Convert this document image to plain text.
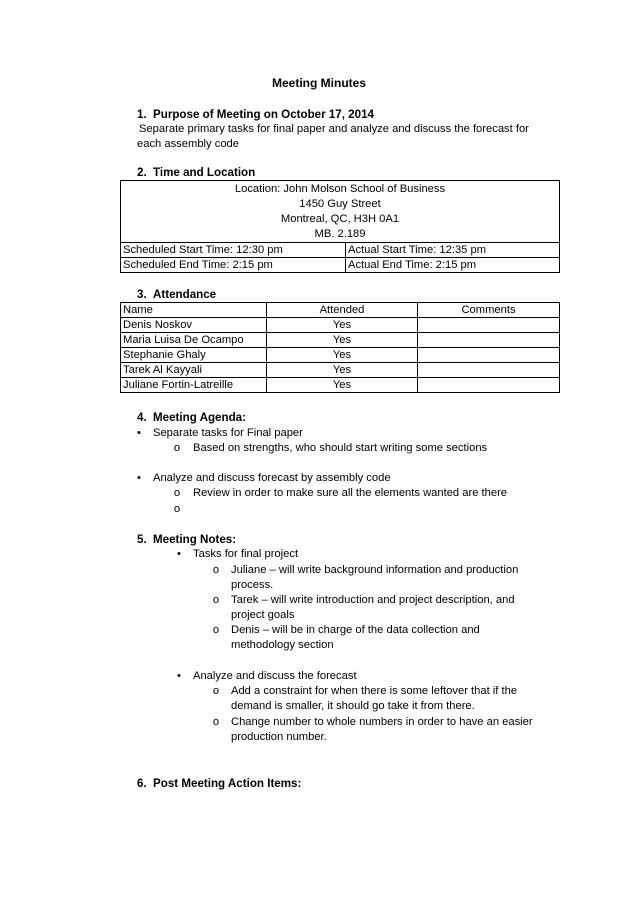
Meeting Minutes
1. Purpose of Meeting on October 17, 2014
Separate primary tasks for final paper and analyze and discuss the forecast for
each assembly code
2. Time and Location
Location: John Molson School of Business
1450 Guy Street
Montreal, QC, H3H 0A1
MB. 2.189	

Scheduled Start Time: 12:30 pm	Actual Start Time: 12:35 pm
Scheduled End Time: 2:15 pm	Actual End Time: 2:15 pm
3. Attendance
Name	Attended	Comments
Denis Noskov	Yes	
Maria Luisa De Ocampo	Yes	
Stephanie Ghaly	Yes	
Tarek Al Kayyali	Yes	
Juliane Fortin-Latreille	Yes	
4. Meeting Agenda:
• Separate tasks for Final paper
o Based on strengths, who should start writing some sections
• Analyze and discuss forecast by assembly code
o Review in order to make sure all the elements wanted are there
o
5. Meeting Notes:
• Tasks for final project
o Juliane – will write background information and production
process.
o Tarek – will write introduction and project description, and
project goals
o Denis – will be in charge of the data collection and
methodology section
• Analyze and discuss the forecast
o Add a constraint for when there is some leftover that if the
demand is smaller, it should go take it from there.
o Change number to whole numbers in order to have an easier
production number.
6. Post Meeting Action Items:
